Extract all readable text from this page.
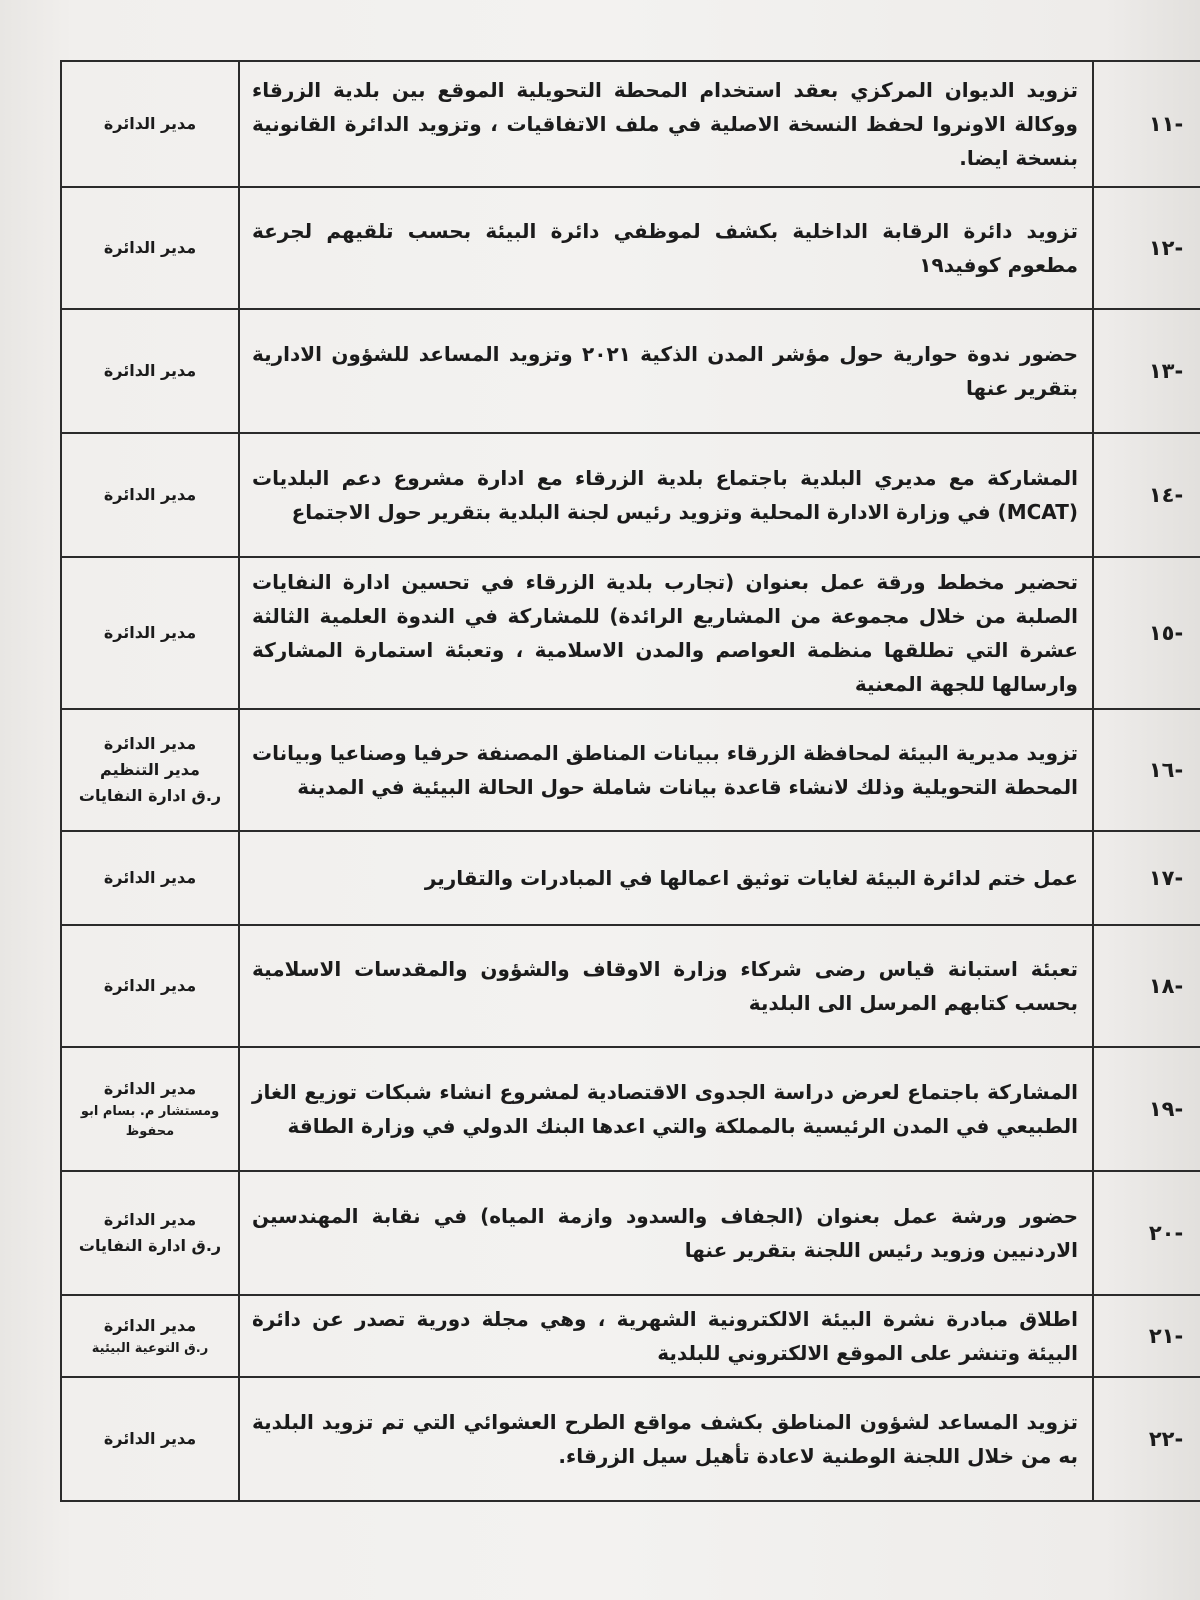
-١١	تزويد الديوان المركزي بعقد استخدام المحطة التحويلية الموقع بين بلدية الزرقاء ووكالة الاونروا لحفظ النسخة الاصلية في ملف الاتفاقيات ، وتزويد الدائرة القانونية بنسخة ايضا.	مدير الدائرة

-١٢	تزويد دائرة الرقابة الداخلية بكشف لموظفي دائرة البيئة بحسب تلقيهم لجرعة مطعوم كوفيد١٩	مدير الدائرة

-١٣	حضور ندوة حوارية حول مؤشر المدن الذكية ٢٠٢١ وتزويد المساعد للشؤون الادارية بتقرير عنها	مدير الدائرة

-١٤	المشاركة مع مديري البلدية باجتماع بلدية الزرقاء مع ادارة مشروع دعم البلديات (MCAT) في وزارة الادارة المحلية وتزويد رئيس لجنة البلدية بتقرير حول الاجتماع	مدير الدائرة

-١٥	تحضير مخطط ورقة عمل بعنوان (تجارب بلدية الزرقاء في تحسين ادارة النفايات الصلبة من خلال مجموعة من المشاريع الرائدة) للمشاركة في الندوة العلمية الثالثة عشرة التي تطلقها منظمة العواصم والمدن الاسلامية ، وتعبئة استمارة المشاركة وارسالها للجهة المعنية	مدير الدائرة

-١٦	تزويد مديرية البيئة لمحافظة الزرقاء ببيانات المناطق المصنفة حرفيا وصناعيا وبيانات المحطة التحويلية وذلك لانشاء قاعدة بيانات شاملة حول الحالة البيئية في المدينة	مدير الدائرة
مدير التنظيم
ر.ق ادارة النفايات

-١٧	عمل ختم لدائرة البيئة لغايات توثيق اعمالها في المبادرات والتقارير	مدير الدائرة

-١٨	تعبئة استبانة قياس رضى شركاء وزارة الاوقاف والشؤون والمقدسات الاسلامية بحسب كتابهم المرسل الى البلدية	مدير الدائرة

-١٩	المشاركة باجتماع لعرض دراسة الجدوى الاقتصادية لمشروع انشاء شبكات توزيع الغاز الطبيعي في المدن الرئيسية بالمملكة والتي اعدها البنك الدولي في وزارة الطاقة	مدير الدائرة
ومستشار م. بسام ابو محفوظ

-٢٠	حضور ورشة عمل بعنوان (الجفاف والسدود وازمة المياه) في نقابة المهندسين الاردنيين وزويد رئيس اللجنة بتقرير عنها	مدير الدائرة
ر.ق ادارة النفايات

-٢١	اطلاق مبادرة نشرة البيئة الالكترونية الشهرية ، وهي مجلة دورية تصدر عن دائرة البيئة وتنشر على الموقع الالكتروني للبلدية	مدير الدائرة
ر.ق التوعية البيئية

-٢٢	تزويد المساعد لشؤون المناطق بكشف مواقع الطرح العشوائي التي تم تزويد البلدية به من خلال اللجنة الوطنية لاعادة تأهيل سيل الزرقاء.	مدير الدائرة
